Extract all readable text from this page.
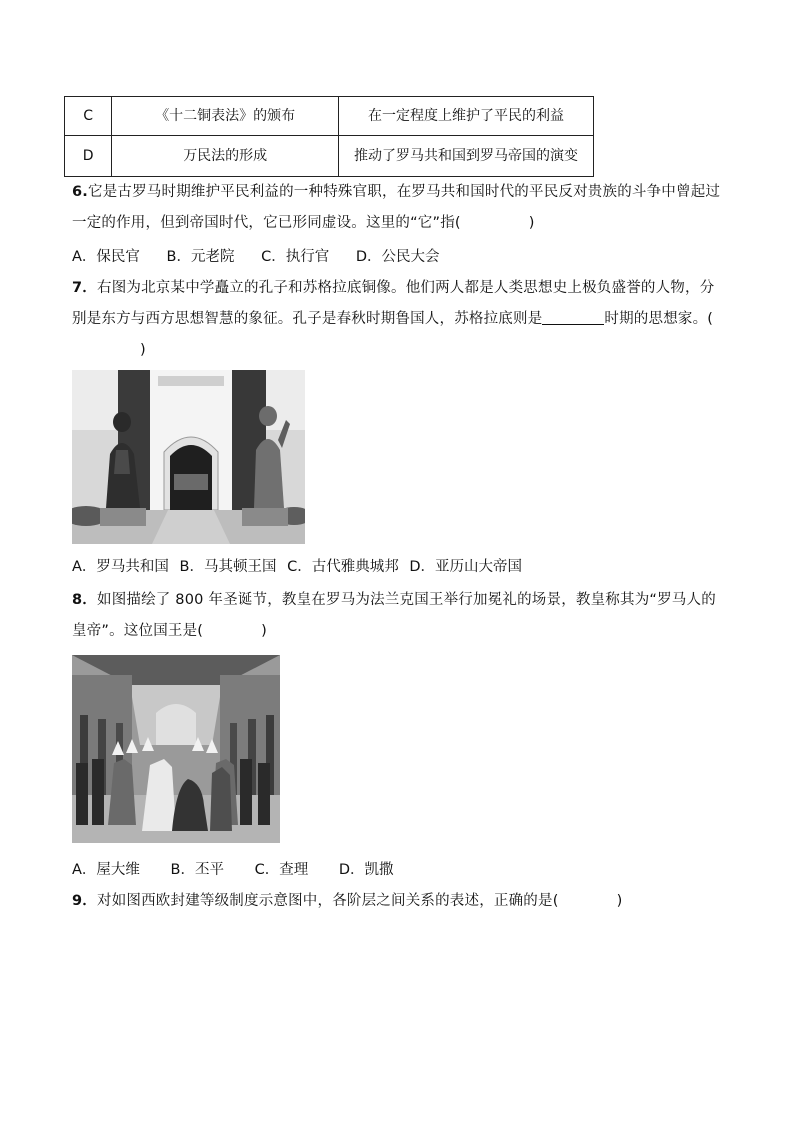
C	《十二铜表法》的颁布	在一定程度上维护了平民的利益
D	万民法的形成	推动了罗马共和国到罗马帝国的演变
6.它是古罗马时期维护平民利益的一种特殊官职，在罗马共和国时代的平民反对贵族的斗争中曾起过一定的作用，但到帝国时代，它已形同虚设。这里的“它”指(	)
A．保民官 B．元老院 C．执行官 D．公民大会
7．右图为北京某中学矗立的孔子和苏格拉底铜像。他们两人都是人类思想史上极负盛誉的人物，分别是东方与西方思想智慧的象征。孔子是春秋时期鲁国人，苏格拉底则是	时期的思想家。()
A．罗马共和国 B．马其顿王国 C．古代雅典城邦 D．亚历山大帝国
8．如图描绘了 800 年圣诞节，教皇在罗马为法兰克国王举行加冕礼的场景，教皇称其为“罗马人的皇帝”。这位国王是(	)
A．屋大维 B．丕平 C．查理 D．凯撒
9．对如图西欧封建等级制度示意图中，各阶层之间关系的表述，正确的是(	)
